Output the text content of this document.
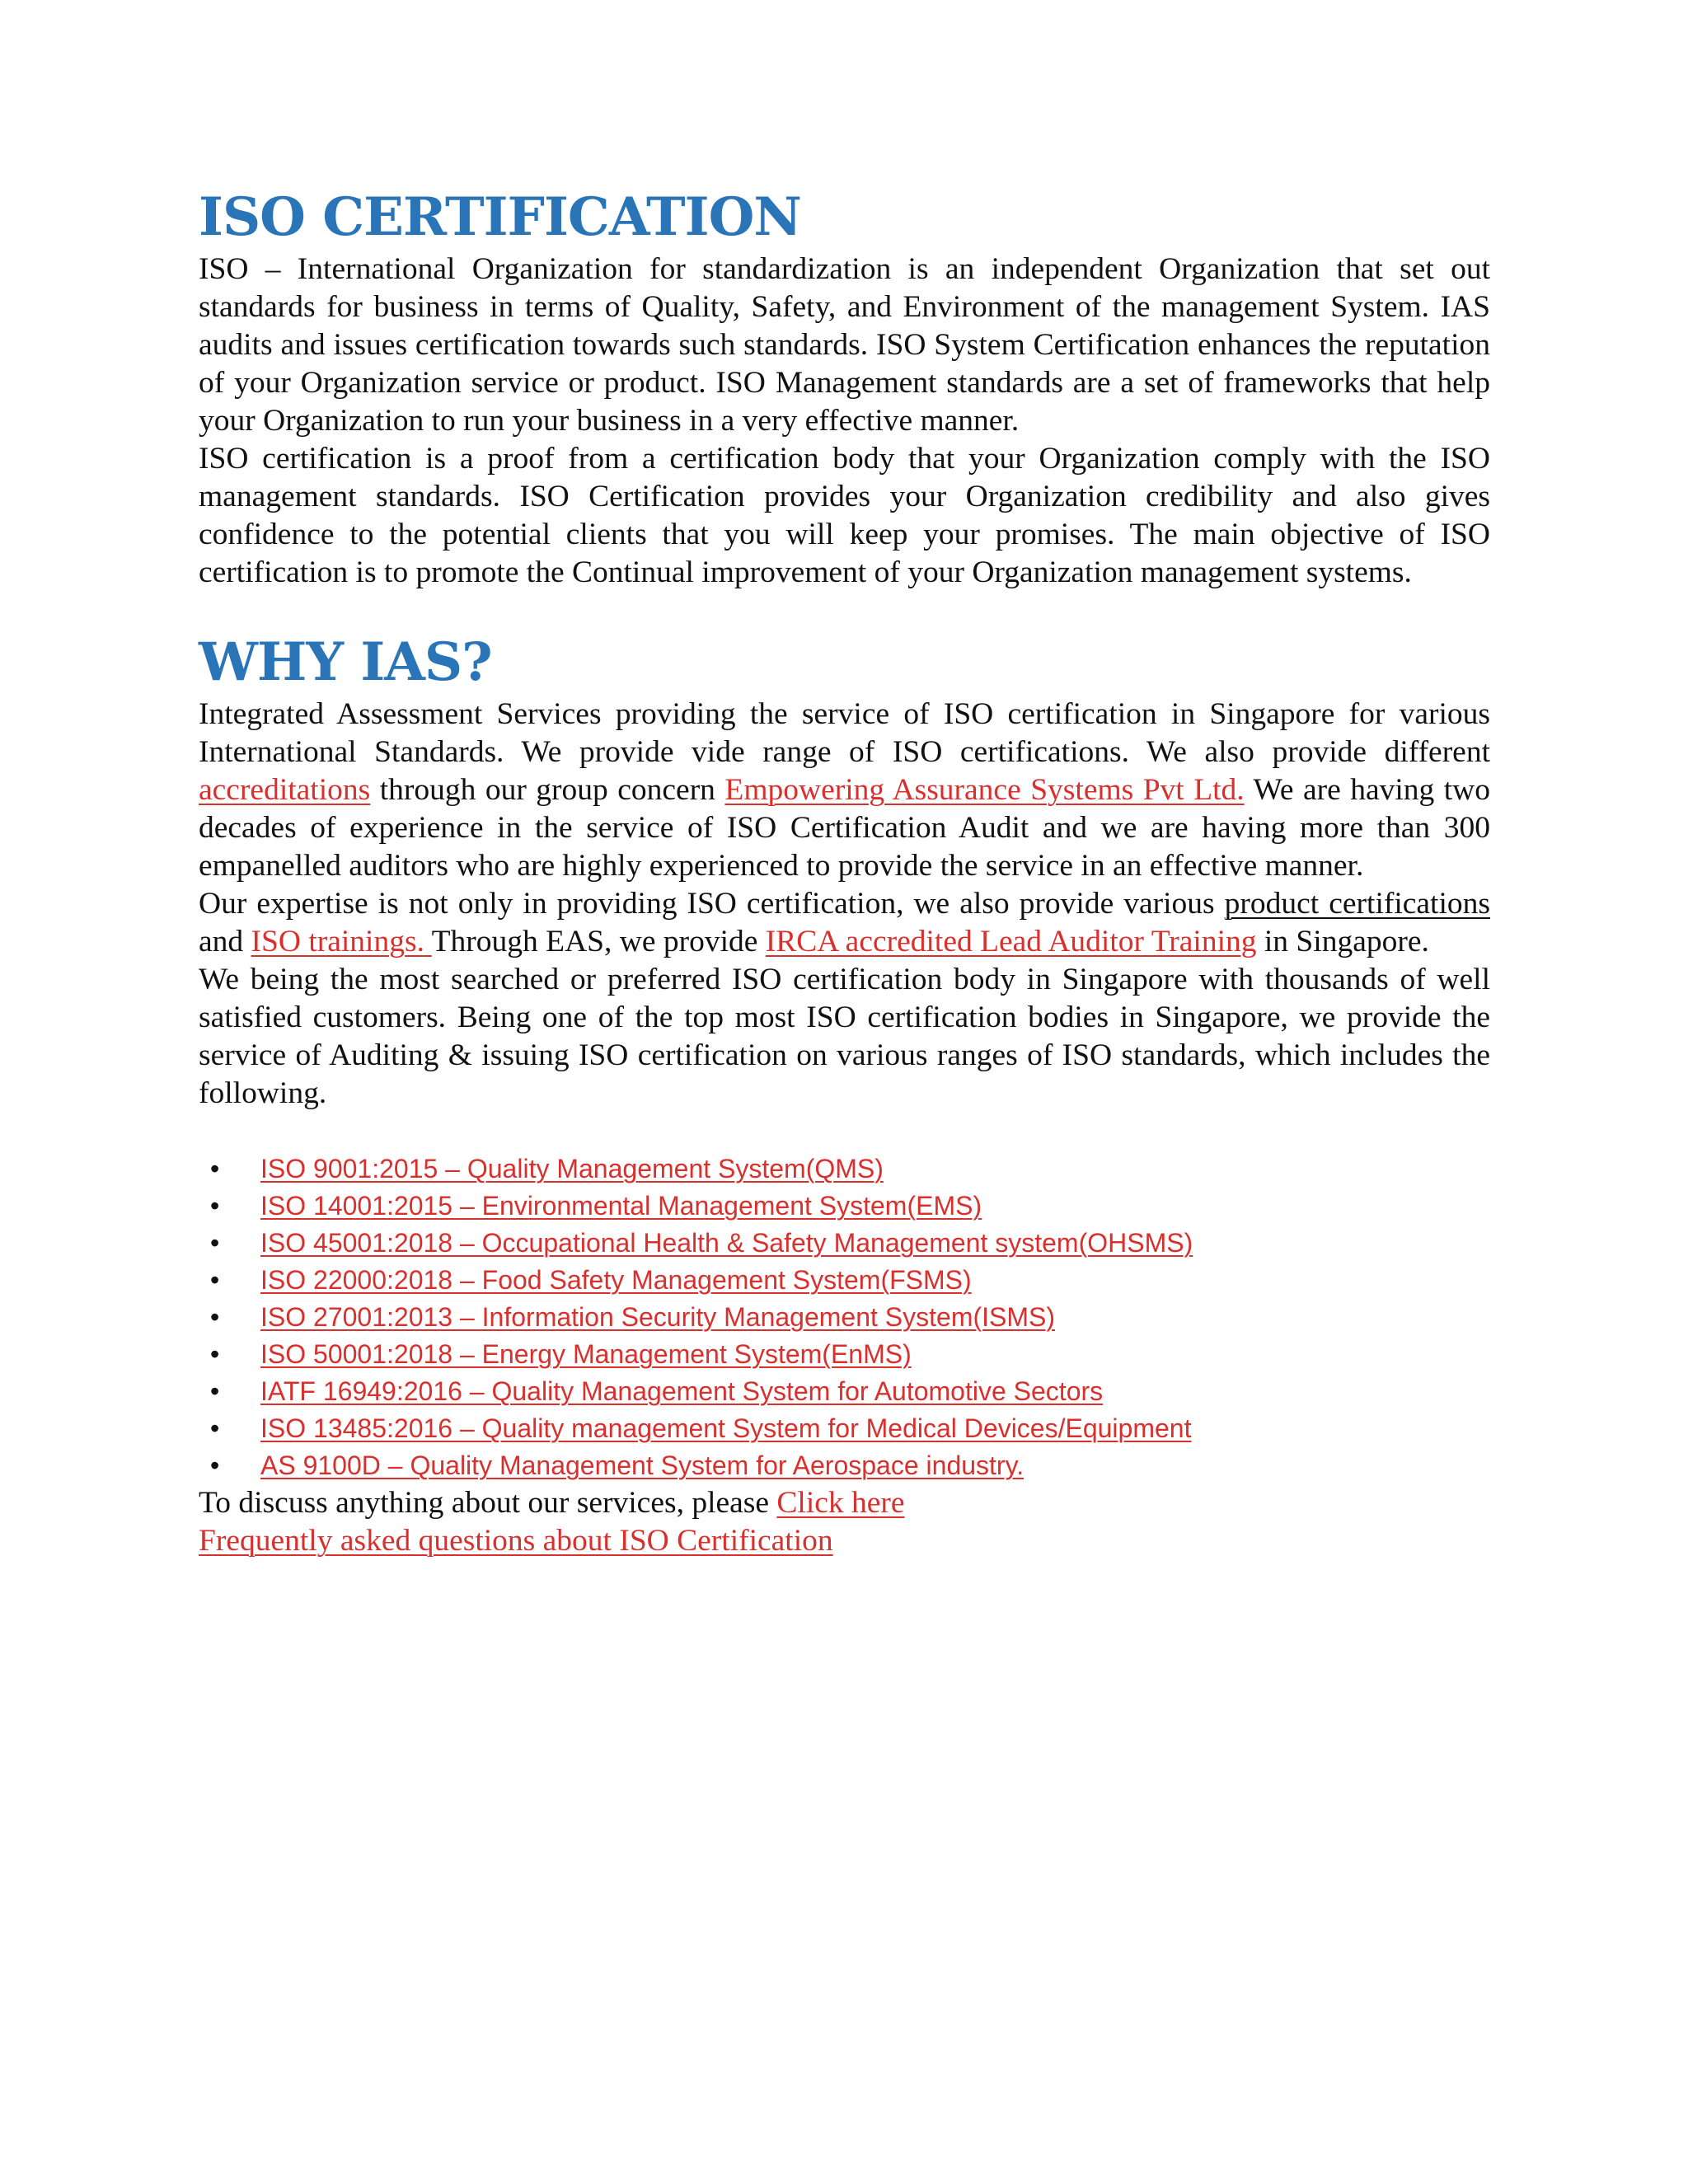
ISO CERTIFICATION

ISO – International Organization for standardization is an independent Organization that set out standards for business in terms of Quality, Safety, and Environment of the management System. IAS audits and issues certification towards such standards. ISO System Certification enhances the reputation of your Organization service or product. ISO Management standards are a set of frameworks that help your Organization to run your business in a very effective manner.

ISO certification is a proof from a certification body that your Organization comply with the ISO management standards. ISO Certification provides your Organization credibility and also gives confidence to the potential clients that you will keep your promises. The main objective of ISO certification is to promote the Continual improvement of your Organization management systems.

WHY IAS?

Integrated Assessment Services providing the service of ISO certification in Singapore for various International Standards. We provide vide range of ISO certifications. We also provide different accreditations through our group concern Empowering Assurance Systems Pvt Ltd. We are having two decades of experience in the service of ISO Certification Audit and we are having more than 300 empanelled auditors who are highly experienced to provide the service in an effective manner.

Our expertise is not only in providing ISO certification, we also provide various product certifications and ISO trainings. Through EAS, we provide IRCA accredited Lead Auditor Training in Singapore.

We being the most searched or preferred ISO certification body in Singapore with thousands of well satisfied customers. Being one of the top most ISO certification bodies in Singapore, we provide the service of Auditing & issuing ISO certification on various ranges of ISO standards, which includes the following.

• ISO 9001:2015 – Quality Management System(QMS)
• ISO 14001:2015 – Environmental Management System(EMS)
• ISO 45001:2018 – Occupational Health & Safety Management system(OHSMS)
• ISO 22000:2018 – Food Safety Management System(FSMS)
• ISO 27001:2013 – Information Security Management System(ISMS)
• ISO 50001:2018 – Energy Management System(EnMS)
• IATF 16949:2016 – Quality Management System for Automotive Sectors
• ISO 13485:2016 – Quality management System for Medical Devices/Equipment
• AS 9100D – Quality Management System for Aerospace industry.

To discuss anything about our services, please Click here

Frequently asked questions about ISO Certification
